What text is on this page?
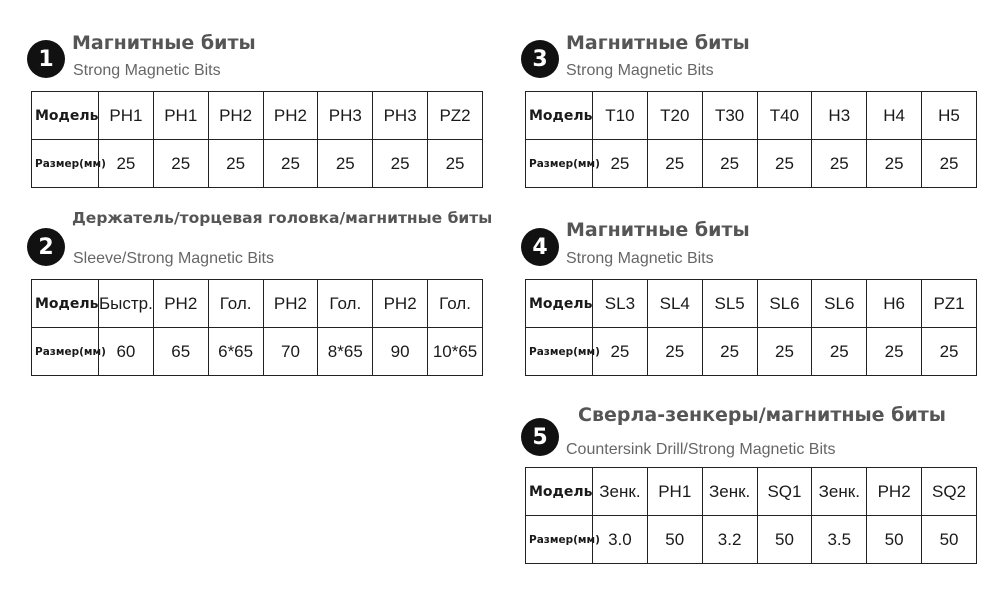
1
Магнитные биты
Strong Magnetic Bits
Модель	PH1	PH1	PH2	PH2	PH3	PH3	PZ2
Размер(мм)	25	25	25	25	25	25	25
2
Держатель/торцевая головка/магнитные биты
Sleeve/Strong Magnetic Bits
Модель	Быстр.	PH2	Гол.	PH2	Гол.	PH2	Гол.
Размер(мм)	60	65	6*65	70	8*65	90	10*65
3
Магнитные биты
Strong Magnetic Bits
Модель	T10	T20	T30	T40	H3	H4	H5
Размер(мм)	25	25	25	25	25	25	25
4
Магнитные биты
Strong Magnetic Bits
Модель	SL3	SL4	SL5	SL6	SL6	H6	PZ1
Размер(мм)	25	25	25	25	25	25	25
5
Сверла-зенкеры/магнитные биты
Countersink Drill/Strong Magnetic Bits
Модель	Зенк.	PH1	Зенк.	SQ1	Зенк.	PH2	SQ2
Размер(мм)	3.0	50	3.2	50	3.5	50	50
